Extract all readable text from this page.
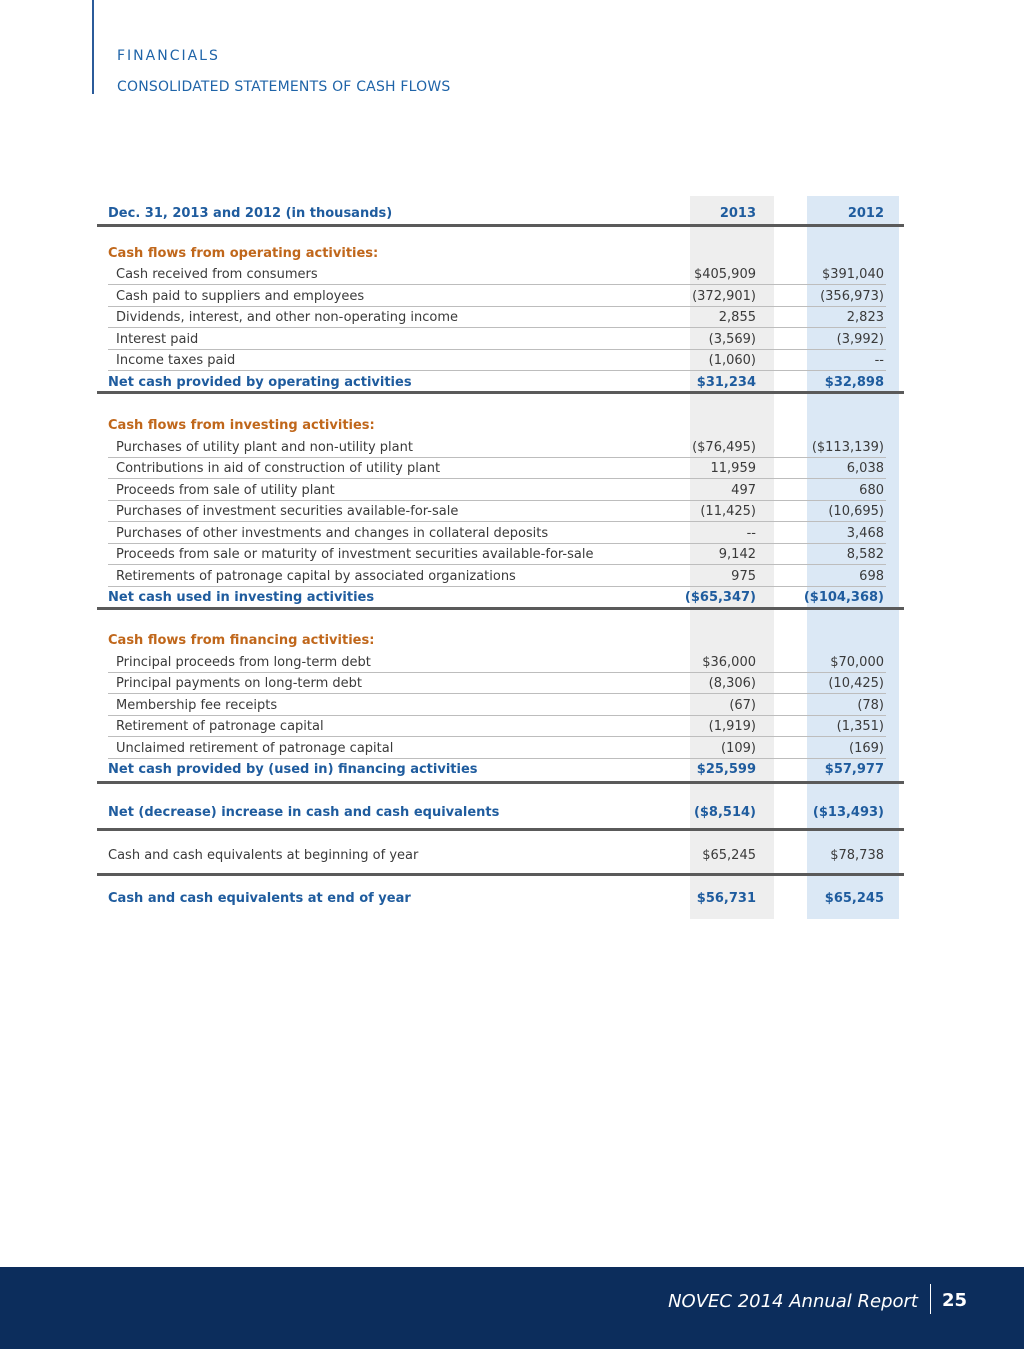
FINANCIALS
CONSOLIDATED STATEMENTS OF CASH FLOWS
Dec. 31, 2013 and 2012 (in thousands)	2013	2012
Cash flows from operating activities:
Cash received from consumers	$405,909	$391,040
Cash paid to suppliers and employees	(372,901)	(356,973)
Dividends, interest, and other non-operating income	2,855	2,823
Interest paid	(3,569)	(3,992)
Income taxes paid	(1,060)	--
Net cash provided by operating activities	$31,234	$32,898
Cash flows from investing activities:
Purchases of utility plant and non-utility plant	($76,495)	($113,139)
Contributions in aid of construction of utility plant	11,959	6,038
Proceeds from sale of utility plant	497	680
Purchases of investment securities available-for-sale	(11,425)	(10,695)
Purchases of other investments and changes in collateral deposits	--	3,468
Proceeds from sale or maturity of investment securities available-for-sale	9,142	8,582
Retirements of patronage capital by associated organizations	975	698
Net cash used in investing activities	($65,347)	($104,368)
Cash flows from financing activities:
Principal proceeds from long-term debt	$36,000	$70,000
Principal payments on long-term debt	(8,306)	(10,425)
Membership fee receipts	(67)	(78)
Retirement of patronage capital	(1,919)	(1,351)
Unclaimed retirement of patronage capital	(109)	(169)
Net cash provided by (used in) financing activities	$25,599	$57,977
Net (decrease) increase in cash and cash equivalents	($8,514)	($13,493)
Cash and cash equivalents at beginning of year	$65,245	$78,738
Cash and cash equivalents at end of year	$56,731	$65,245
NOVEC 2014 Annual Report 25
